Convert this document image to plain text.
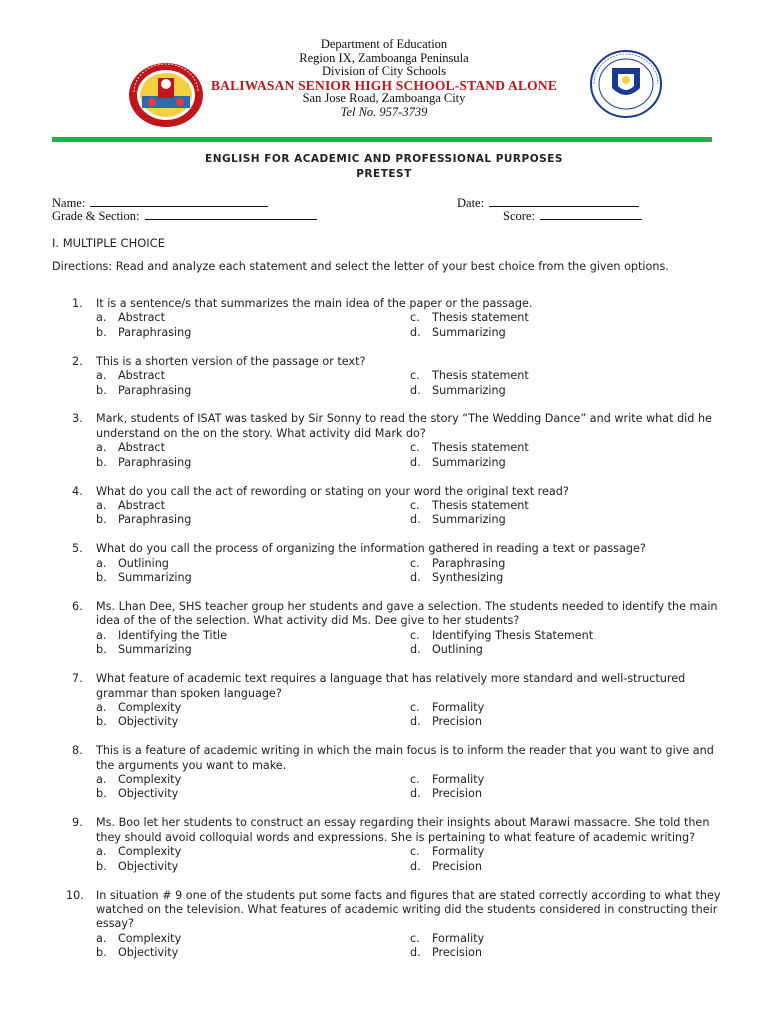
Department of Education
Region IX, Zamboanga Peninsula
Division of City Schools
BALIWASAN SENIOR HIGH SCHOOL-STAND ALONE
San Jose Road, Zamboanga City
Tel No. 957-3739
ENGLISH FOR ACADEMIC AND PROFESSIONAL PURPOSES
PRETEST
Name:	Date:
Grade & Section:	Score:
I. MULTIPLE CHOICE
Directions: Read and analyze each statement and select the letter of your best choice from the given options.
1.	It is a sentence/s that summarizes the main idea of the paper or the passage.
a. Abstract	c. Thesis statement
b. Paraphrasing	d. Summarizing
2.	This is a shorten version of the passage or text?
a. Abstract	c. Thesis statement
b. Paraphrasing	d. Summarizing
3.	Mark, students of ISAT was tasked by Sir Sonny to read the story “The Wedding Dance” and write what did he understand on the on the story. What activity did Mark do?
a. Abstract	c. Thesis statement
b. Paraphrasing	d. Summarizing
4.	What do you call the act of rewording or stating on your word the original text read?
a. Abstract	c. Thesis statement
b. Paraphrasing	d. Summarizing
5.	What do you call the process of organizing the information gathered in reading a text or passage?
a. Outlining	c. Paraphrasing
b. Summarizing	d. Synthesizing
6.	Ms. Lhan Dee, SHS teacher group her students and gave a selection. The students needed to identify the main idea of the of the selection. What activity did Ms. Dee give to her students?
a. Identifying the Title	c. Identifying Thesis Statement
b. Summarizing	d. Outlining
7.	What feature of academic text requires a language that has relatively more standard and well-structured grammar than spoken language?
a. Complexity	c. Formality
b. Objectivity	d. Precision
8.	This is a feature of academic writing in which the main focus is to inform the reader that you want to give and the arguments you want to make.
a. Complexity	c. Formality
b. Objectivity	d. Precision
9.	Ms. Boo let her students to construct an essay regarding their insights about Marawi massacre. She told then they should avoid colloquial words and expressions. She is pertaining to what feature of academic writing?
a. Complexity	c. Formality
b. Objectivity	d. Precision
10.	In situation # 9 one of the students put some facts and figures that are stated correctly according to what they watched on the television. What features of academic writing did the students considered in constructing their essay?
a. Complexity	c. Formality
b. Objectivity	d. Precision
